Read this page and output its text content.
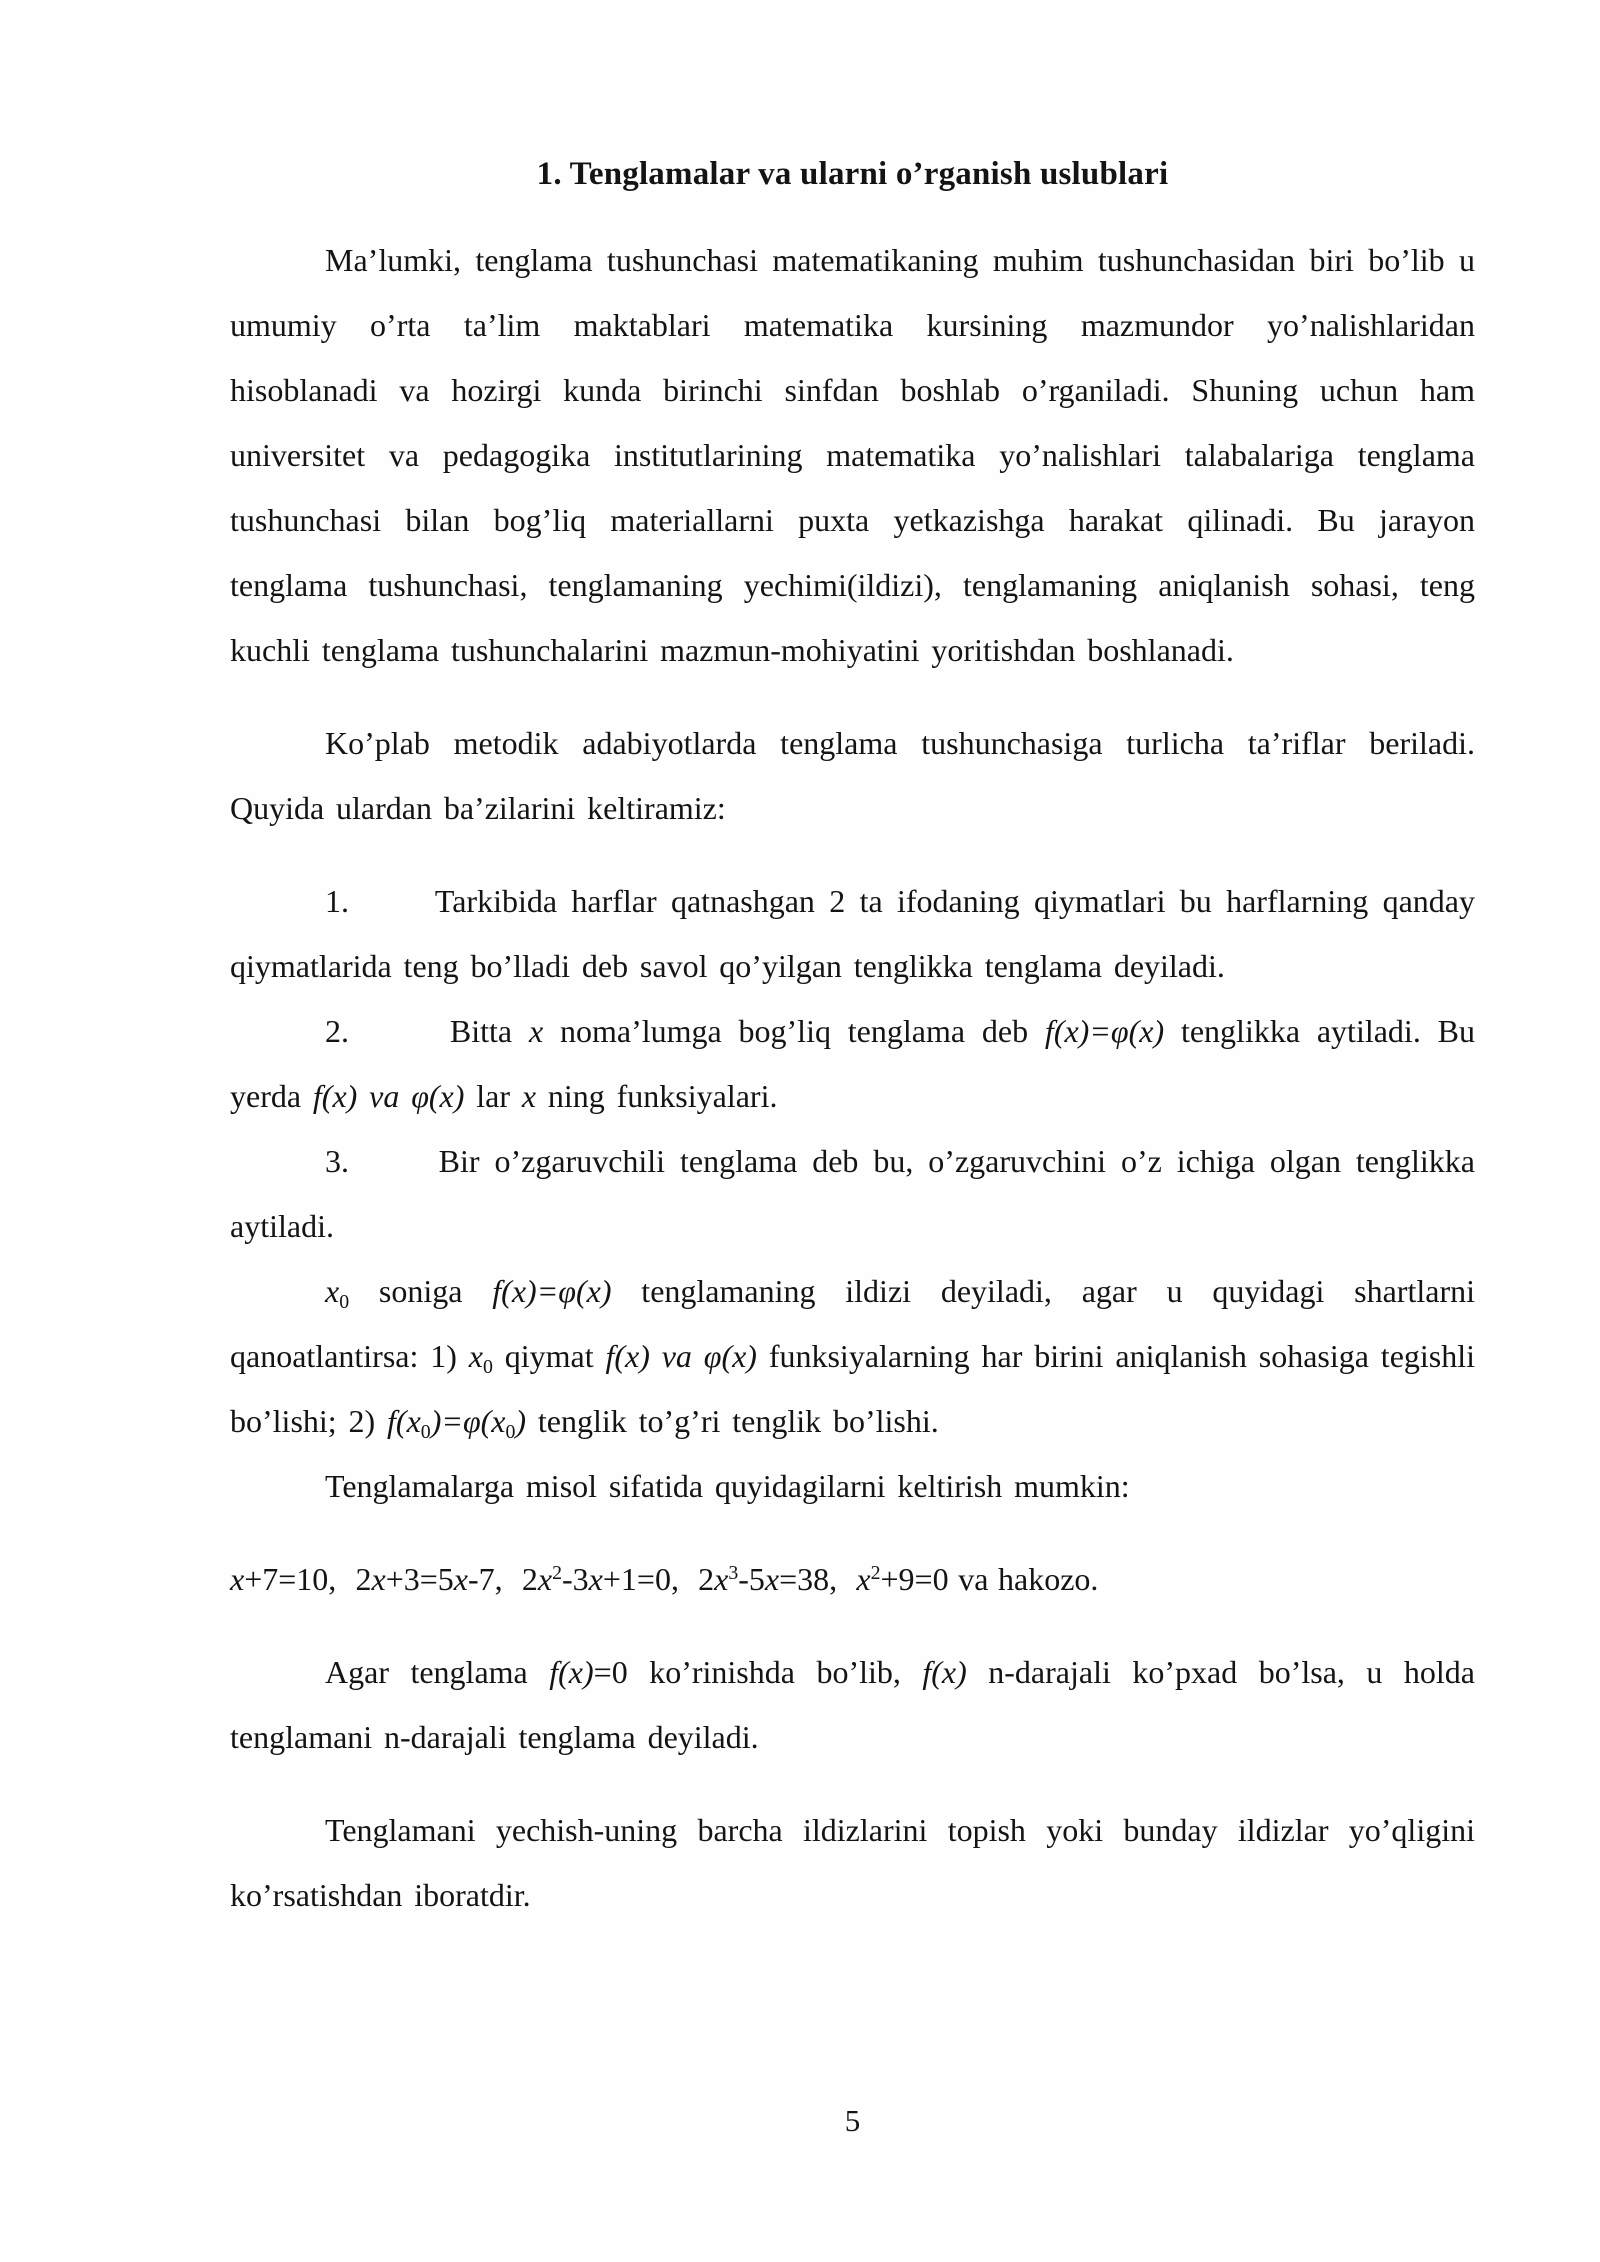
1. Tenglamalar va ularni o’rganish uslublari

Ma’lumki, tenglama tushunchasi matematikaning muhim tushunchasidan biri bo’lib u umumiy o’rta ta’lim maktablari matematika kursining mazmundor yo’nalishlaridan hisoblanadi va hozirgi kunda birinchi sinfdan boshlab o’rganiladi. Shuning uchun ham universitet va pedagogika institutlarining matematika yo’nalishlari talabalariga tenglama tushunchasi bilan bog’liq materiallarni puxta yetkazishga harakat qilinadi. Bu jarayon tenglama tushunchasi, tenglamaning yechimi(ildizi), tenglamaning aniqlanish sohasi, teng kuchli tenglama tushunchalarini mazmun-mohiyatini yoritishdan boshlanadi.

Ko’plab metodik adabiyotlarda tenglama tushunchasiga turlicha ta’riflar beriladi. Quyida ulardan ba’zilarini keltiramiz:

1.      Tarkibida harflar qatnashgan 2 ta ifodaning qiymatlari bu harflarning qanday qiymatlarida teng bo’lladi deb savol qo’yilgan tenglikka tenglama deyiladi.

2.      Bitta x noma’lumga bog’liq tenglama deb f(x)=φ(x) tenglikka aytiladi. Bu yerda f(x) va φ(x) lar x ning funksiyalari.

3.      Bir o’zgaruvchili tenglama deb bu, o’zgaruvchini o’z ichiga olgan tenglikka aytiladi.

x0 soniga f(x)=φ(x) tenglamaning ildizi deyiladi, agar u quyidagi shartlarni qanoatlantirsa: 1) x0 qiymat f(x) va φ(x) funksiyalarning har birini aniqlanish sohasiga tegishli bo’lishi; 2) f(x0)=φ(x0) tenglik to’g’ri tenglik bo’lishi.

Tenglamalarga misol sifatida quyidagilarni keltirish mumkin:

x+7=10,  2x+3=5x-7,  $2x^2-3x+1=0$,  $2x^3-5x=38$,  $x^2+9=0$ va hakozo.

Agar tenglama f(x)=0 ko’rinishda bo’lib, f(x) n-darajali ko’pxad bo’lsa, u holda tenglamani n-darajali tenglama deyiladi.

Tenglamani yechish-uning barcha ildizlarini topish yoki bunday ildizlar yo’qligini ko’rsatishdan iboratdir.

5
